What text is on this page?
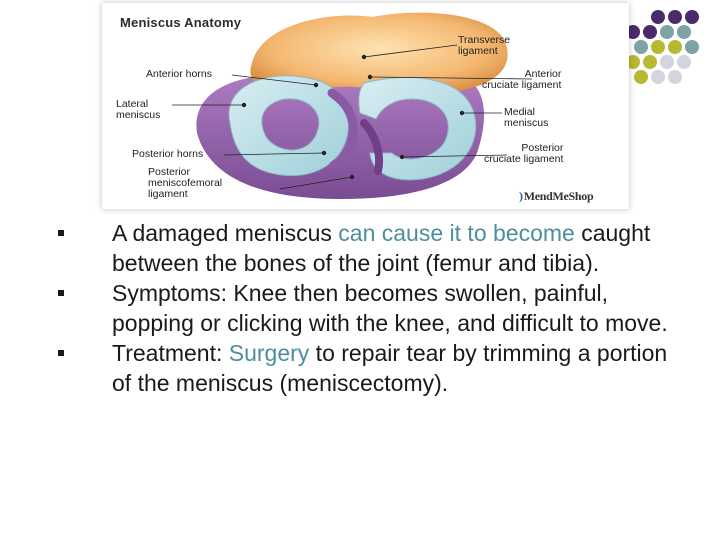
Meniscus Anatomy
Anterior horns
Lateral
meniscus
Posterior horns
Posterior
meniscofemoral
ligament
Transverse
ligament
Anterior
cruciate ligament
Medial
meniscus
Posterior
cruciate ligament
)MendMeShop
A damaged meniscus can cause it to become caught between the bones of the joint (femur and tibia).
Symptoms: Knee then becomes swollen, painful, popping or clicking with the knee, and difficult to move.
Treatment: Surgery to repair tear by trimming a portion of the meniscus (meniscectomy).
